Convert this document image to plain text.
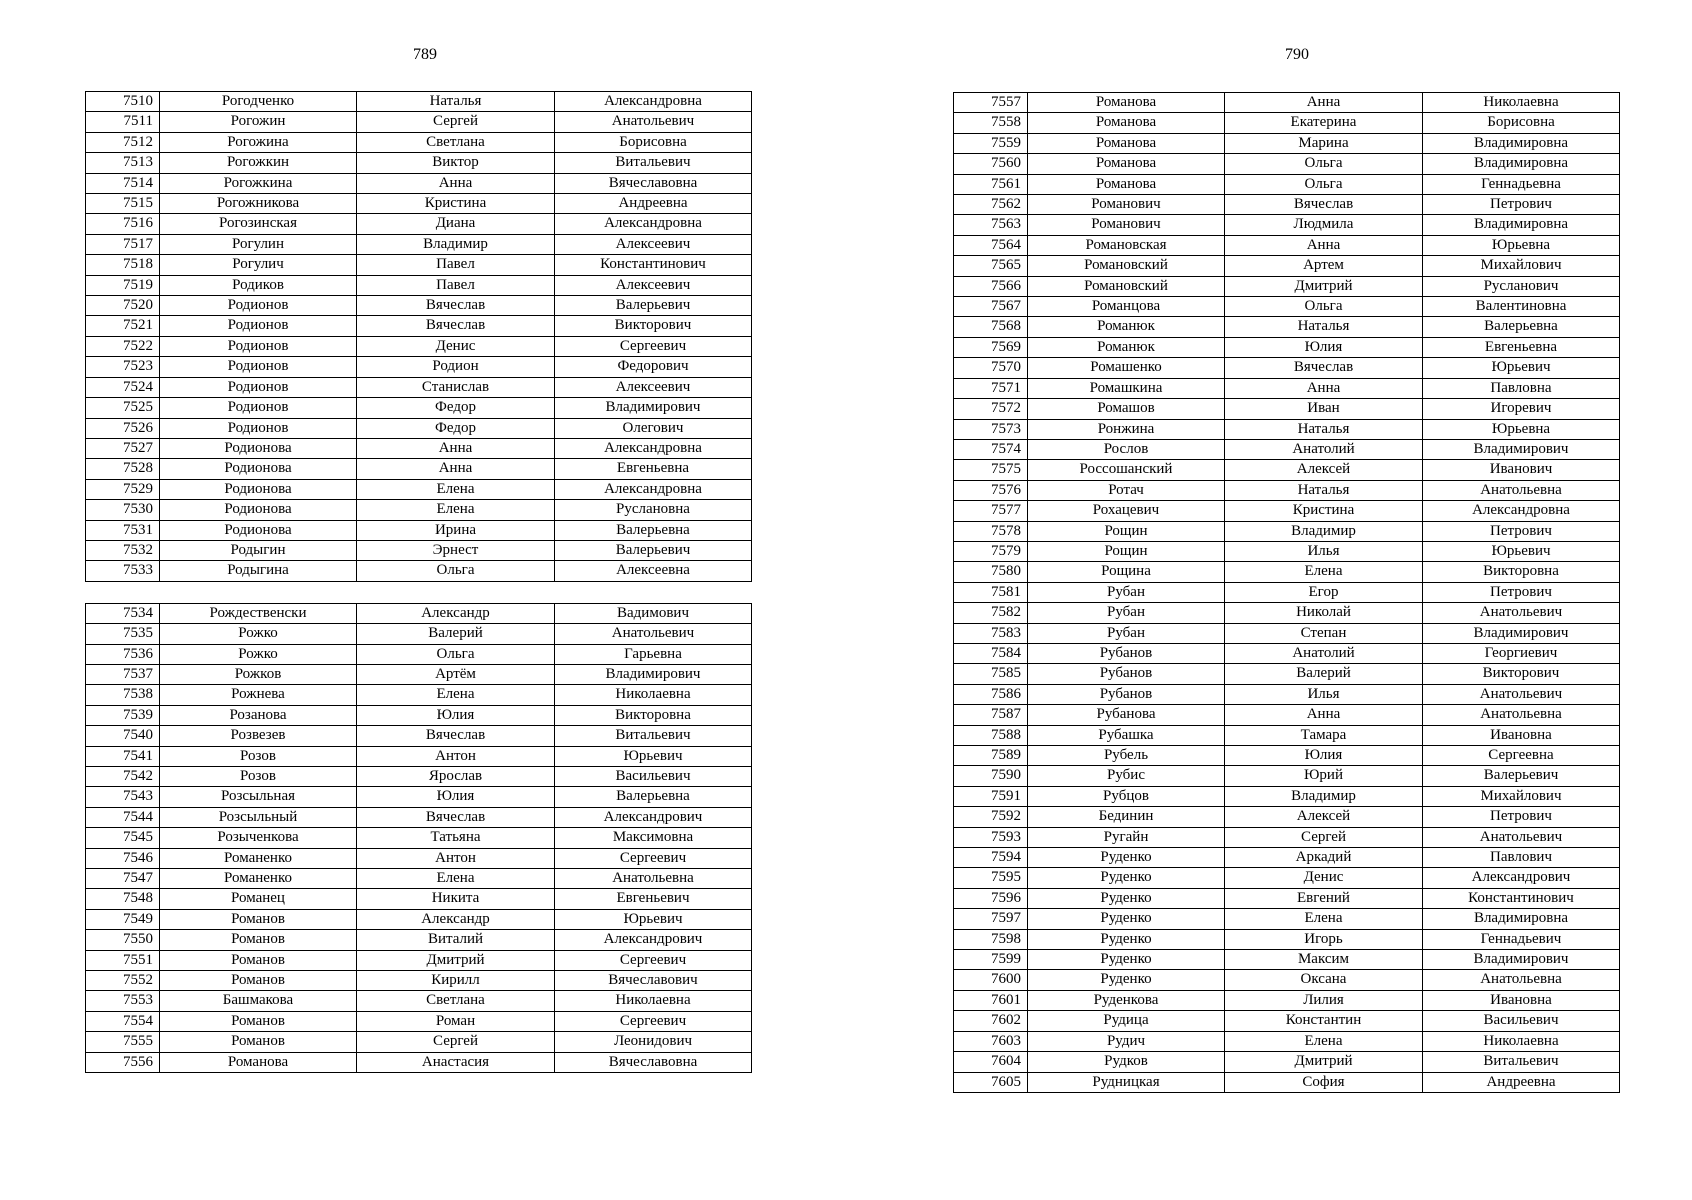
789
7510	Рогодченко	Наталья	Александровна
7511	Рогожин	Сергей	Анатольевич
7512	Рогожина	Светлана	Борисовна
7513	Рогожкин	Виктор	Витальевич
7514	Рогожкина	Анна	Вячеславовна
7515	Рогожникова	Кристина	Андреевна
7516	Рогозинская	Диана	Александровна
7517	Рогулин	Владимир	Алексеевич
7518	Рогулич	Павел	Константинович
7519	Родиков	Павел	Алексеевич
7520	Родионов	Вячеслав	Валерьевич
7521	Родионов	Вячеслав	Викторович
7522	Родионов	Денис	Сергеевич
7523	Родионов	Родион	Федорович
7524	Родионов	Станислав	Алексеевич
7525	Родионов	Федор	Владимирович
7526	Родионов	Федор	Олегович
7527	Родионова	Анна	Александровна
7528	Родионова	Анна	Евгеньевна
7529	Родионова	Елена	Александровна
7530	Родионова	Елена	Руслановна
7531	Родионова	Ирина	Валерьевна
7532	Родыгин	Эрнест	Валерьевич
7533	Родыгина	Ольга	Алексеевна
7534	Рождественски	Александр	Вадимович
7535	Рожко	Валерий	Анатольевич
7536	Рожко	Ольга	Гарьевна
7537	Рожков	Артём	Владимирович
7538	Рожнева	Елена	Николаевна
7539	Розанова	Юлия	Викторовна
7540	Розвезев	Вячеслав	Витальевич
7541	Розов	Антон	Юрьевич
7542	Розов	Ярослав	Васильевич
7543	Розсыльная	Юлия	Валерьевна
7544	Розсыльный	Вячеслав	Александрович
7545	Розыченкова	Татьяна	Максимовна
7546	Романенко	Антон	Сергеевич
7547	Романенко	Елена	Анатольевна
7548	Романец	Никита	Евгеньевич
7549	Романов	Александр	Юрьевич
7550	Романов	Виталий	Александрович
7551	Романов	Дмитрий	Сергеевич
7552	Романов	Кирилл	Вячеславович
7553	Башмакова	Светлана	Николаевна
7554	Романов	Роман	Сергеевич
7555	Романов	Сергей	Леонидович
7556	Романова	Анастасия	Вячеславовна
790
7557	Романова	Анна	Николаевна
7558	Романова	Екатерина	Борисовна
7559	Романова	Марина	Владимировна
7560	Романова	Ольга	Владимировна
7561	Романова	Ольга	Геннадьевна
7562	Романович	Вячеслав	Петрович
7563	Романович	Людмила	Владимировна
7564	Романовская	Анна	Юрьевна
7565	Романовский	Артем	Михайлович
7566	Романовский	Дмитрий	Русланович
7567	Романцова	Ольга	Валентиновна
7568	Романюк	Наталья	Валерьевна
7569	Романюк	Юлия	Евгеньевна
7570	Ромашенко	Вячеслав	Юрьевич
7571	Ромашкина	Анна	Павловна
7572	Ромашов	Иван	Игоревич
7573	Ронжина	Наталья	Юрьевна
7574	Рослов	Анатолий	Владимирович
7575	Россошанский	Алексей	Иванович
7576	Ротач	Наталья	Анатольевна
7577	Рохацевич	Кристина	Александровна
7578	Рощин	Владимир	Петрович
7579	Рощин	Илья	Юрьевич
7580	Рощина	Елена	Викторовна
7581	Рубан	Егор	Петрович
7582	Рубан	Николай	Анатольевич
7583	Рубан	Степан	Владимирович
7584	Рубанов	Анатолий	Георгиевич
7585	Рубанов	Валерий	Викторович
7586	Рубанов	Илья	Анатольевич
7587	Рубанова	Анна	Анатольевна
7588	Рубашка	Тамара	Ивановна
7589	Рубель	Юлия	Сергеевна
7590	Рубис	Юрий	Валерьевич
7591	Рубцов	Владимир	Михайлович
7592	Бединин	Алексей	Петрович
7593	Ругайн	Сергей	Анатольевич
7594	Руденко	Аркадий	Павлович
7595	Руденко	Денис	Александрович
7596	Руденко	Евгений	Константинович
7597	Руденко	Елена	Владимировна
7598	Руденко	Игорь	Геннадьевич
7599	Руденко	Максим	Владимирович
7600	Руденко	Оксана	Анатольевна
7601	Руденкова	Лилия	Ивановна
7602	Рудица	Константин	Васильевич
7603	Рудич	Елена	Николаевна
7604	Рудков	Дмитрий	Витальевич
7605	Рудницкая	София	Андреевна
